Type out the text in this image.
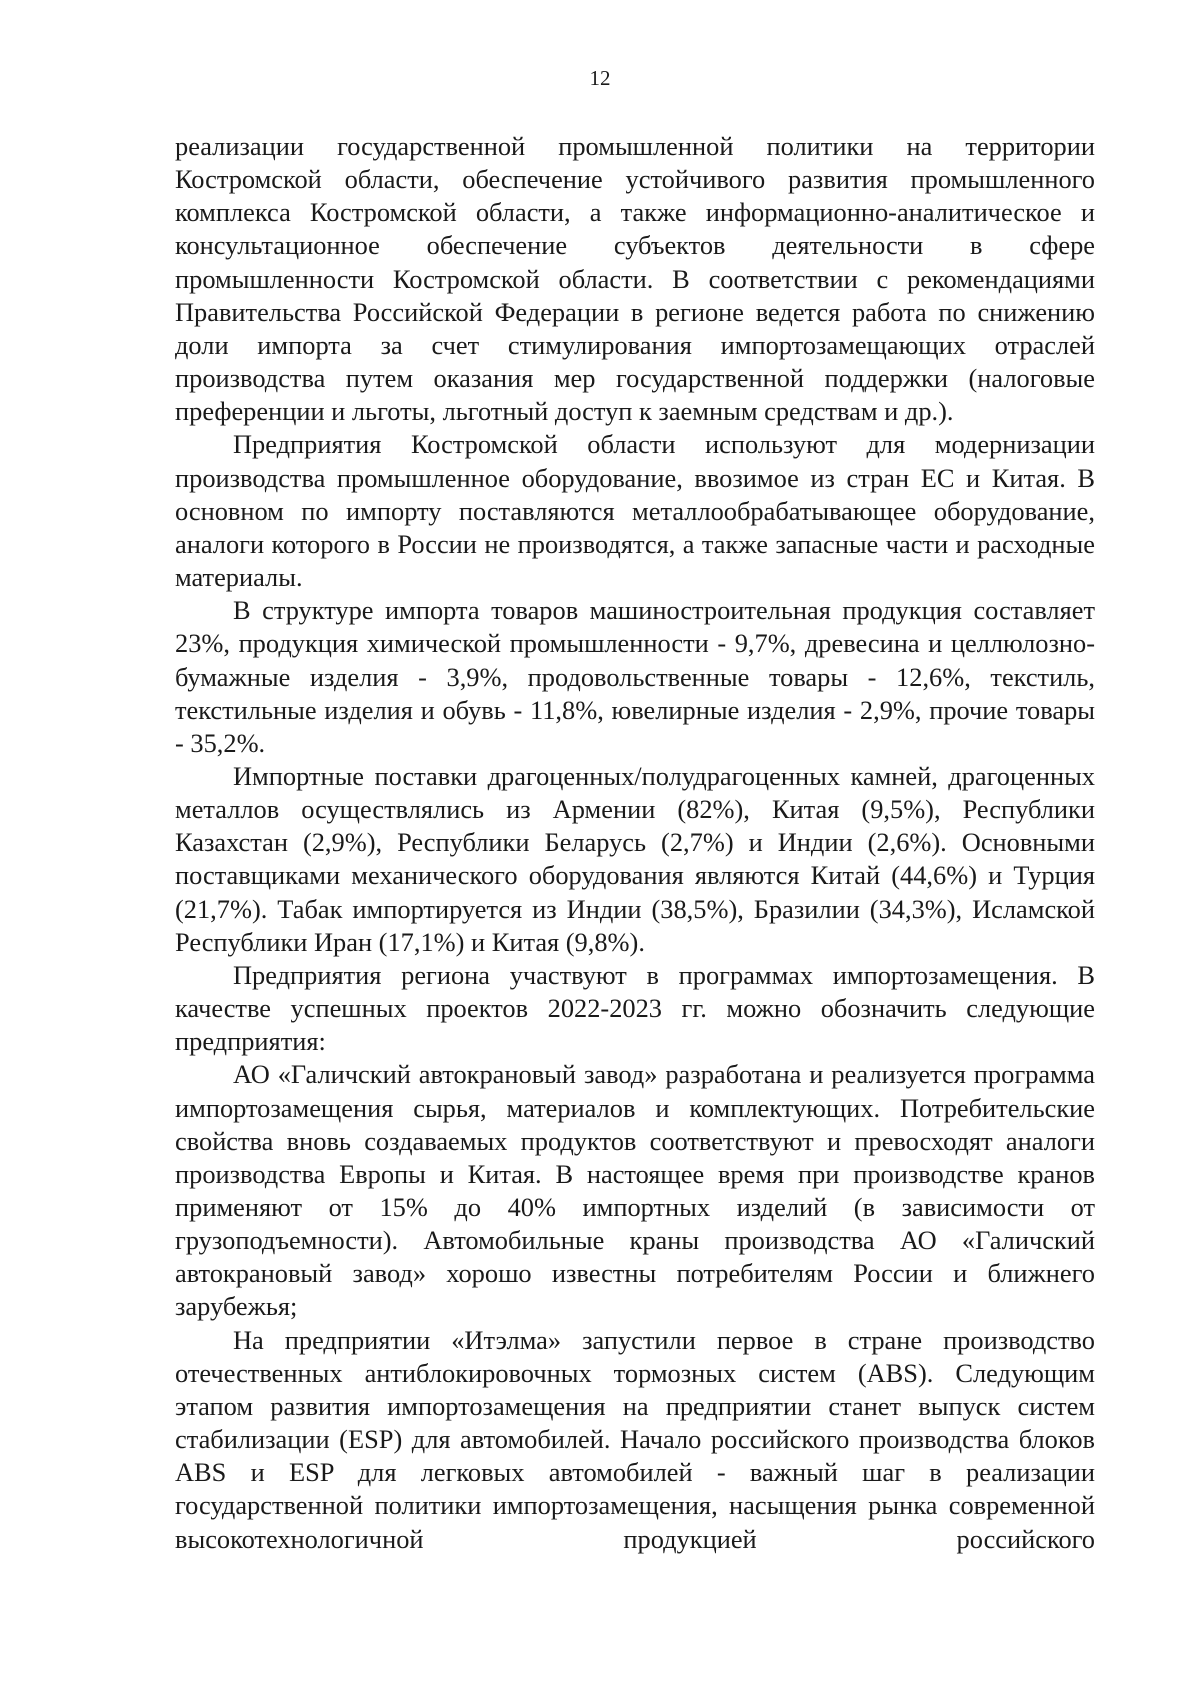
12

реализации государственной промышленной политики на территории Костромской области, обеспечение устойчивого развития промышленного комплекса Костромской области, а также информационно-аналитическое и консультационное обеспечение субъектов деятельности в сфере промышленности Костромской области. В соответствии с рекомендациями Правительства Российской Федерации в регионе ведется работа по снижению доли импорта за счет стимулирования импортозамещающих отраслей производства путем оказания мер государственной поддержки (налоговые преференции и льготы, льготный доступ к заемным средствам и др.).

Предприятия Костромской области используют для модернизации производства промышленное оборудование, ввозимое из стран ЕС и Китая. В основном по импорту поставляются металлообрабатывающее оборудование, аналоги которого в России не производятся, а также запасные части и расходные материалы.

В структуре импорта товаров машиностроительная продукция составляет 23%, продукция химической промышленности - 9,7%, древесина и целлюлозно-бумажные изделия - 3,9%, продовольственные товары - 12,6%, текстиль, текстильные изделия и обувь - 11,8%, ювелирные изделия - 2,9%, прочие товары - 35,2%.

Импортные поставки драгоценных/полудрагоценных камней, драгоценных металлов осуществлялись из Армении (82%), Китая (9,5%), Республики Казахстан (2,9%), Республики Беларусь (2,7%) и Индии (2,6%). Основными поставщиками механического оборудования являются Китай (44,6%) и Турция (21,7%). Табак импортируется из Индии (38,5%), Бразилии (34,3%), Исламской Республики Иран (17,1%) и Китая (9,8%).

Предприятия региона участвуют в программах импортозамещения. В качестве успешных проектов 2022-2023 гг. можно обозначить следующие предприятия:

АО «Галичский автокрановый завод» разработана и реализуется программа импортозамещения сырья, материалов и комплектующих. Потребительские свойства вновь создаваемых продуктов соответствуют и превосходят аналоги производства Европы и Китая. В настоящее время при производстве кранов применяют от 15% до 40% импортных изделий (в зависимости от грузоподъемности). Автомобильные краны производства АО «Галичский автокрановый завод» хорошо известны потребителям России и ближнего зарубежья;

На предприятии «Итэлма» запустили первое в стране производство отечественных антиблокировочных тормозных систем (ABS). Следующим этапом развития импортозамещения на предприятии станет выпуск систем стабилизации (ESP) для автомобилей. Начало российского производства блоков ABS и ESP для легковых автомобилей - важный шаг в реализации государственной политики импортозамещения, насыщения рынка современной высокотехнологичной продукцией российского
